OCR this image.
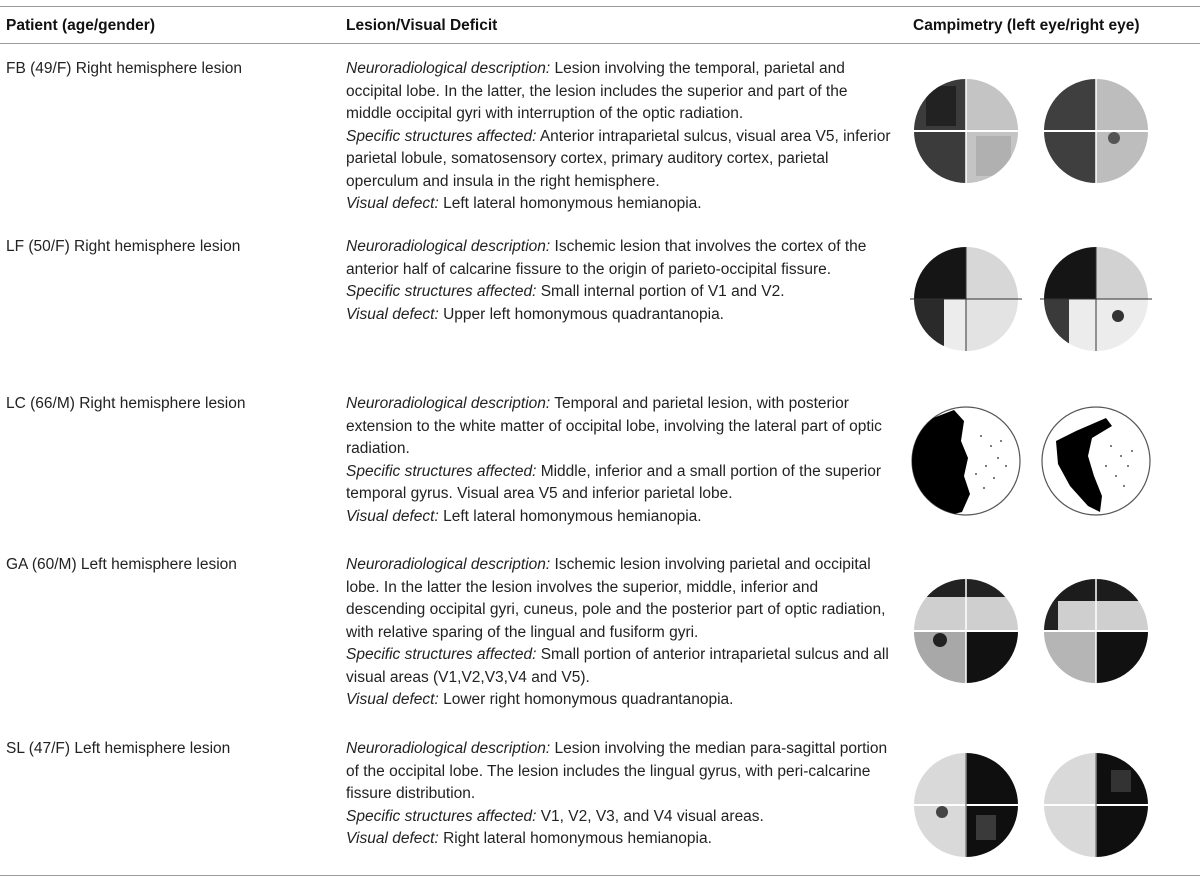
Patient (age/gender)	Lesion/Visual Deficit	Campimetry (left eye/right eye)
FB (49/F) Right hemisphere lesion	Neuroradiological description: Lesion involving the temporal, parietal and occipital lobe. In the latter, the lesion includes the superior and part of the middle occipital gyri with interruption of the optic radiation.
Specific structures affected: Anterior intraparietal sulcus, visual area V5, inferior parietal lobule, somatosensory cortex, primary auditory cortex, parietal operculum and insula in the right hemisphere.
Visual defect: Left lateral homonymous hemianopia.
LF (50/F) Right hemisphere lesion	Neuroradiological description: Ischemic lesion that involves the cortex of the anterior half of calcarine fissure to the origin of parieto-occipital fissure.
Specific structures affected: Small internal portion of V1 and V2.
Visual defect: Upper left homonymous quadrantanopia.
LC (66/M) Right hemisphere lesion	Neuroradiological description: Temporal and parietal lesion, with posterior extension to the white matter of occipital lobe, involving the lateral part of optic radiation.
Specific structures affected: Middle, inferior and a small portion of the superior temporal gyrus. Visual area V5 and inferior parietal lobe.
Visual defect: Left lateral homonymous hemianopia.
GA (60/M) Left hemisphere lesion	Neuroradiological description: Ischemic lesion involving parietal and occipital lobe. In the latter the lesion involves the superior, middle, inferior and descending occipital gyri, cuneus, pole and the posterior part of optic radiation, with relative sparing of the lingual and fusiform gyri.
Specific structures affected: Small portion of anterior intraparietal sulcus and all visual areas (V1,V2,V3,V4 and V5).
Visual defect: Lower right homonymous quadrantanopia.
SL (47/F) Left hemisphere lesion	Neuroradiological description: Lesion involving the median para-sagittal portion of the occipital lobe. The lesion includes the lingual gyrus, with peri-calcarine fissure distribution.
Specific structures affected: V1, V2, V3, and V4 visual areas.
Visual defect: Right lateral homonymous hemianopia.
